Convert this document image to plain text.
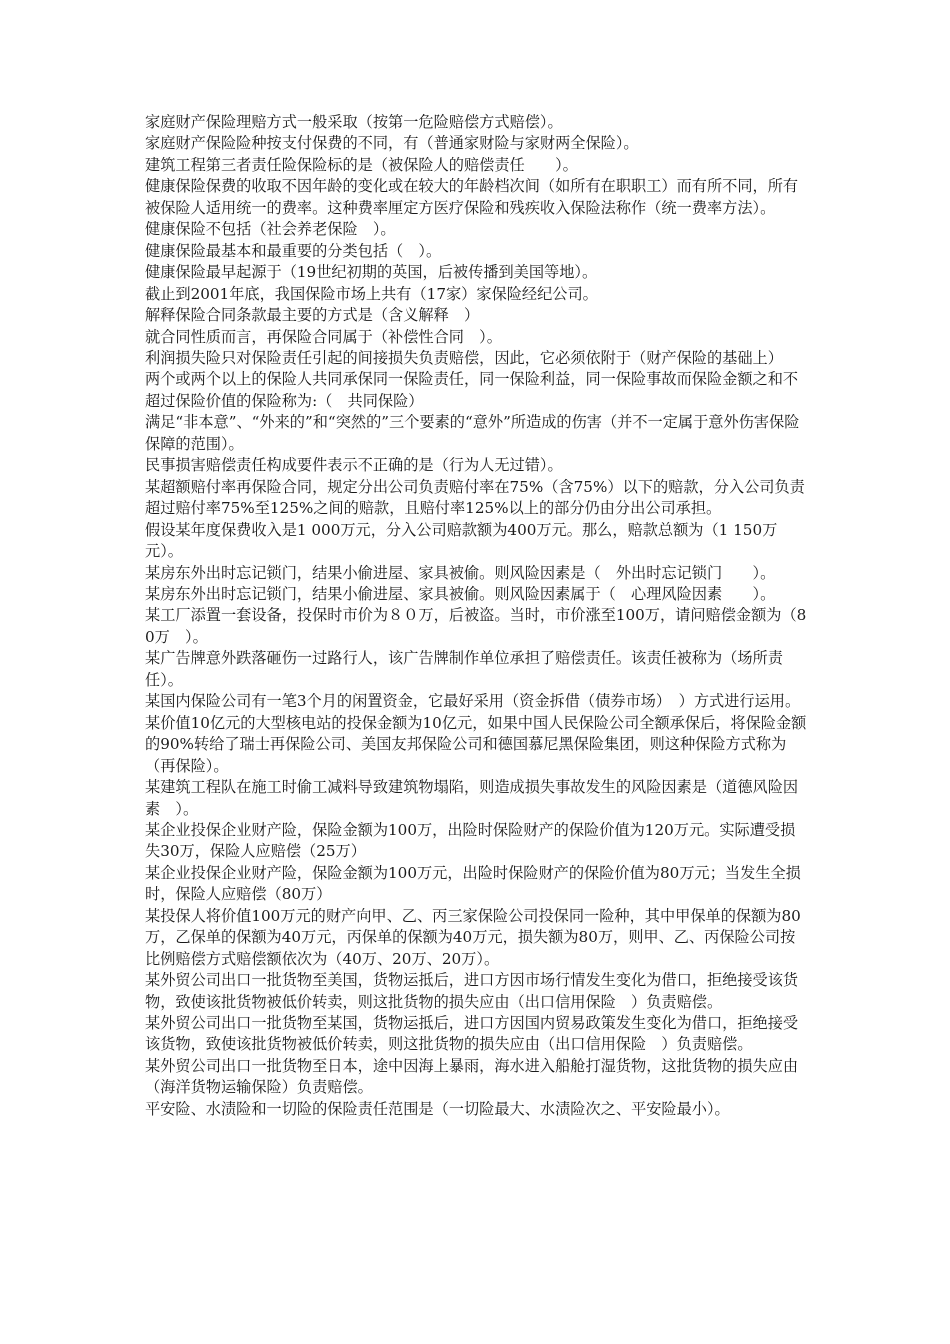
家庭财产保险理赔方式一般采取（按第一危险赔偿方式赔偿）。

家庭财产保险险种按支付保费的不同，有（普通家财险与家财两全保险）。

建筑工程第三者责任险保险标的是（被保险人的赔偿责任　　）。

健康保险保费的收取不因年龄的变化或在较大的年龄档次间（如所有在职职工）而有所不同，所有被保险人适用统一的费率。这种费率厘定方医疗保险和残疾收入保险法称作（统一费率方法）。

健康保险不包括（社会养老保险　）。

健康保险最基本和最重要的分类包括（　）。

健康保险最早起源于（19世纪初期的英国，后被传播到美国等地）。

截止到2001年底，我国保险市场上共有（17家）家保险经纪公司。

解释保险合同条款最主要的方式是（含义解释　）

就合同性质而言，再保险合同属于（补偿性合同　）。

利润损失险只对保险责任引起的间接损失负责赔偿，因此，它必须依附于（财产保险的基础上）

两个或两个以上的保险人共同承保同一保险责任，同一保险利益，同一保险事故而保险金额之和不超过保险价值的保险称为:（　共同保险）

满足“非本意”、“外来的”和“突然的”三个要素的“意外”所造成的伤害（并不一定属于意外伤害保险保障的范围）。

民事损害赔偿责任构成要件表示不正确的是（行为人无过错）。

某超额赔付率再保险合同，规定分出公司负责赔付率在75%（含75%）以下的赔款，分入公司负责超过赔付率75%至125%之间的赔款，且赔付率125%以上的部分仍由分出公司承担。

假设某年度保费收入是1 000万元，分入公司赔款额为400万元。那么，赔款总额为（1 150万元）。

某房东外出时忘记锁门，结果小偷进屋、家具被偷。则风险因素是（　外出时忘记锁门　　）。

某房东外出时忘记锁门，结果小偷进屋、家具被偷。则风险因素属于（　心理风险因素　　）。

某工厂添置一套设备，投保时市价为８０万，后被盗。当时，市价涨至100万，请问赔偿金额为（80万　）。

某广告牌意外跌落砸伤一过路行人，该广告牌制作单位承担了赔偿责任。该责任被称为（场所责任）。

某国内保险公司有一笔3个月的闲置资金，它最好采用（资金拆借（债券市场）　）方式进行运用。

某价值10亿元的大型核电站的投保金额为10亿元，如果中国人民保险公司全额承保后，将保险金额的90%转给了瑞士再保险公司、美国友邦保险公司和德国慕尼黑保险集团，则这种保险方式称为（再保险）。

某建筑工程队在施工时偷工减料导致建筑物塌陷，则造成损失事故发生的风险因素是（道德风险因素　）。

某企业投保企业财产险，保险金额为100万，出险时保险财产的保险价值为120万元。实际遭受损失30万，保险人应赔偿（25万）

某企业投保企业财产险，保险金额为100万元，出险时保险财产的保险价值为80万元；当发生全损时，保险人应赔偿（80万）

某投保人将价值100万元的财产向甲、乙、丙三家保险公司投保同一险种，其中甲保单的保额为80万，乙保单的保额为40万元，丙保单的保额为40万元，损失额为80万，则甲、乙、丙保险公司按比例赔偿方式赔偿额依次为（40万、20万、20万）。

某外贸公司出口一批货物至美国，货物运抵后，进口方因市场行情发生变化为借口，拒绝接受该货物，致使该批货物被低价转卖，则这批货物的损失应由（出口信用保险　）负责赔偿。

某外贸公司出口一批货物至某国，货物运抵后，进口方因国内贸易政策发生变化为借口，拒绝接受该货物，致使该批货物被低价转卖，则这批货物的损失应由（出口信用保险　）负责赔偿。

某外贸公司出口一批货物至日本，途中因海上暴雨，海水进入船舱打湿货物，这批货物的损失应由（海洋货物运输保险）负责赔偿。

平安险、水渍险和一切险的保险责任范围是（一切险最大、水渍险次之、平安险最小）。
